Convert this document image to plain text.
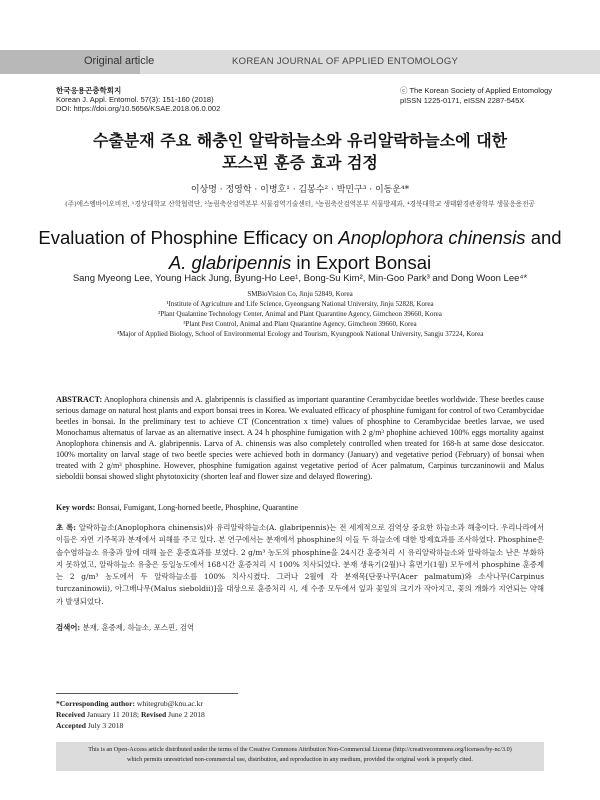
Original article	KOREAN JOURNAL OF APPLIED ENTOMOLOGY
한국응용곤충학회지
Korean J. Appl. Entomol. 57(3): 151-160 (2018)
DOI: https://doi.org/10.5656/KSAE.2018.06.0.002
ⓒ The Korean Society of Applied Entomology
pISSN 1225-0171, eISSN 2287-545X
수출분재 주요 해충인 알락하늘소와 유리알락하늘소에 대한
포스핀 훈증 효과 검정
이상명 · 정영학 · 이병호¹ · 김봉수² · 박민구³ · 이동운⁴*
(주)에스엠바이오비전, ¹경상대학교 산학협력단, ²농림축산검역본부 식물검역기술센터, ³농림축산검역본부 식물방제과, ⁴경북대학교 생태환경관광학부 생물응용전공
Evaluation of Phosphine Efficacy on Anoplophora chinensis and
A. glabripennis in Export Bonsai
Sang Myeong Lee, Young Hack Jung, Byung-Ho Lee¹, Bong-Su Kim², Min-Goo Park³ and Dong Woon Lee⁴*
SMBioVision Co, Jinju 52849, Korea
¹Institute of Agriculture and Life Science, Gyeongsang National University, Jinju 52828, Korea
²Plant Qualantine Technology Center, Animal and Plant Quarantine Agency, Gimcheon 39660, Korea
³Plant Pest Control, Animal and Plant Quarantine Agency, Gimcheon 39660, Korea
⁴Major of Applied Biology, School of Environmental Ecology and Tourism, Kyungpook National University, Sangju 37224, Korea
ABSTRACT: Anoplophora chinensis and A. glabripennis is classified as important quarantine Cerambycidae beetles worldwide. These beetles cause serious damage on natural host plants and export bonsai trees in Korea. We evaluated efficacy of phosphine fumigant for control of two Cerambycidae beetles in bonsai. In the preliminary test to achieve CT (Concentration x time) values of phosphine to Cerambycidae beetles larvae, we used Monochamus alternatus of larvae as an alternative insect. A 24 h phosphine fumigation with 2 g/m³ phophine achieved 100% eggs mortality against Anoplophora chinensis and A. glabripennis. Larva of A. chinensis was also completely controlled when treated for 168-h at same dose desiccator. 100% mortality on larval stage of two beetle species were achieved both in dormancy (January) and vegetative period (February) of bonsai when treated with 2 g/m³ phosphine. However, phosphine fumigation against vegetative period of Acer palmatum, Carpinus turczaninowii and Malus sieboldii bonsai showed slight phytotoxicity (shorten leaf and flower size and delayed flowering).
Key words: Bonsai, Fumigant, Long-horned beetle, Phosphine, Quarantine
초 록: 알락하늘소(Anoplophora chinensis)와 유리알락하늘소(A. glabripennis)는 전 세계적으로 검역상 중요한 하늘소과 해충이다. 우리나라에서 이들은 자연 기주목과 분재에서 피해를 주고 있다. 본 연구에서는 분재에서 phosphine의 이들 두 하늘소에 대한 방제효과를 조사하였다. Phosphine은 솔수염하늘소 유충과 알에 대해 높은 훈증효과를 보였다. 2 g/m³ 농도의 phosphine을 24시간 훈증처리 시 유리알락하늘소와 알락하늘소 난은 부화하지 못하였고, 알락하늘소 유충은 동일농도에서 168시간 훈증처리 시 100% 치사되었다. 분재 생육기(2월)나 휴면기(1월) 모두에서 phosphine 훈증제는 2 g/m³ 농도에서 두 알락하늘소를 100% 치사시켰다. 그러나 2월에 각 분재목[단풍나무(Acer palmatum)와 소사나무(Carpinus turczaninowii), 아그배나무(Malus sieboldii)]을 대상으로 훈증처리 시, 세 수종 모두에서 잎과 꽃잎의 크기가 작아지고, 꽃의 개화가 지연되는 약해가 발생되었다.
검색어: 분재, 훈증제, 하늘소, 포스핀, 검역
*Corresponding author: whitegrub@knu.ac.kr
Received January 11 2018; Revised June 2 2018
Accepted July 3 2018
This is an Open-Access article distributed under the terms of the Creative Commons Attribution Non-Commercial License (http://creativecommons.org/licenses/by-nc/3.0)
which permits unrestricted non-commercial use, distribution, and reproduction in any medium, provided the original work is properly cited.
